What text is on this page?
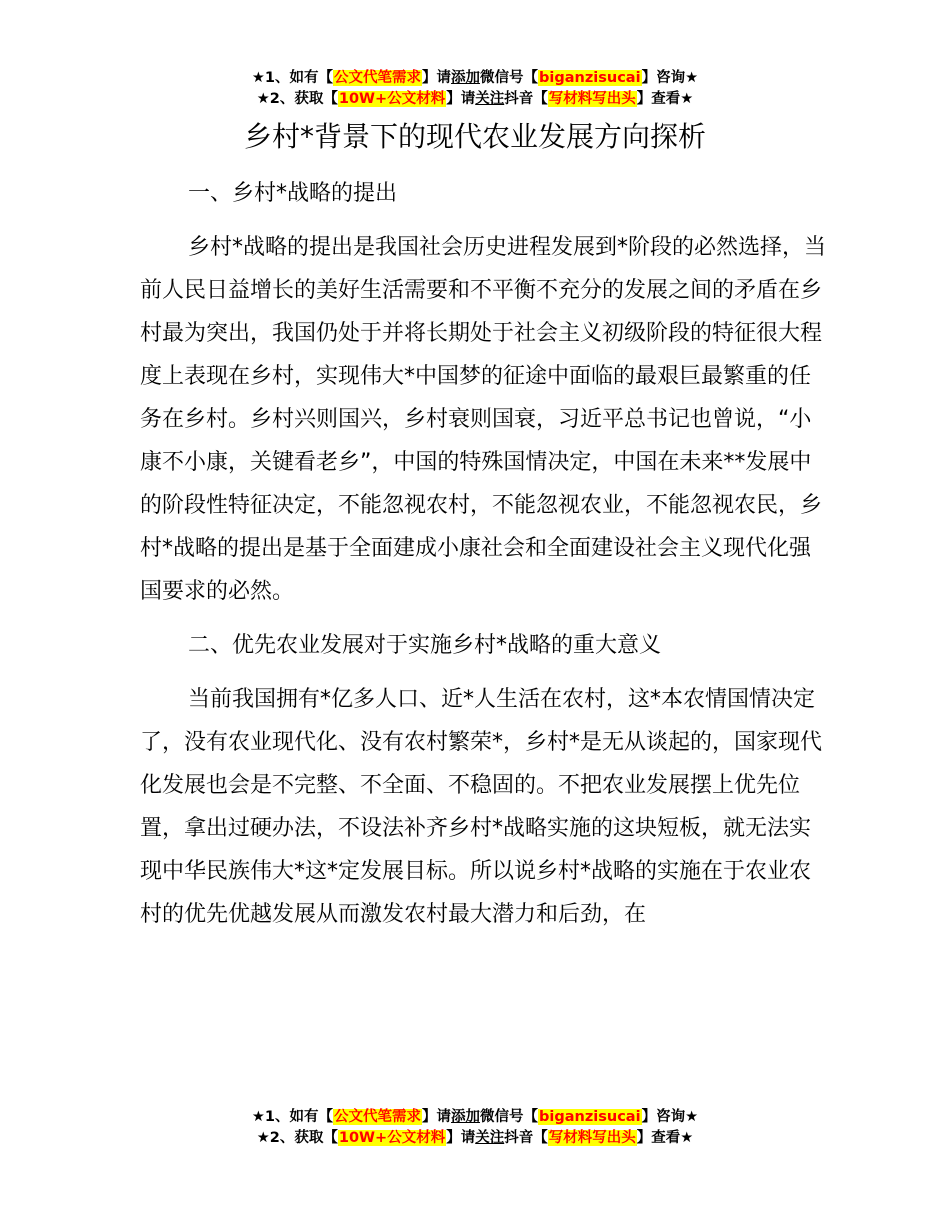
★1、如有【公文代笔需求】请添加微信号【biganzisucai】咨询★
★2、获取【10W+公文材料】请关注抖音【写材料写出头】查看★
乡村*背景下的现代农业发展方向探析

一、乡村*战略的提出

乡村*战略的提出是我国社会历史进程发展到*阶段的必然选择，当前人民日益增长的美好生活需要和不平衡不充分的发展之间的矛盾在乡村最为突出，我国仍处于并将长期处于社会主义初级阶段的特征很大程度上表现在乡村，实现伟大*中国梦的征途中面临的最艰巨最繁重的任务在乡村。乡村兴则国兴，乡村衰则国衰，习近平总书记也曾说，“小康不小康，关键看老乡”，中国的特殊国情决定，中国在未来**发展中的阶段性特征决定，不能忽视农村，不能忽视农业，不能忽视农民，乡村*战略的提出是基于全面建成小康社会和全面建设社会主义现代化强国要求的必然。

二、优先农业发展对于实施乡村*战略的重大意义

当前我国拥有*亿多人口、近*人生活在农村，这*本农情国情决定了，没有农业现代化、没有农村繁荣*，乡村*是无从谈起的，国家现代化发展也会是不完整、不全面、不稳固的。不把农业发展摆上优先位置，拿出过硬办法，不设法补齐乡村*战略实施的这块短板，就无法实现中华民族伟大*这*定发展目标。所以说乡村*战略的实施在于农业农村的优先优越发展从而激发农村最大潜力和后劲，在

★1、如有【公文代笔需求】请添加微信号【biganzisucai】咨询★
★2、获取【10W+公文材料】请关注抖音【写材料写出头】查看★
